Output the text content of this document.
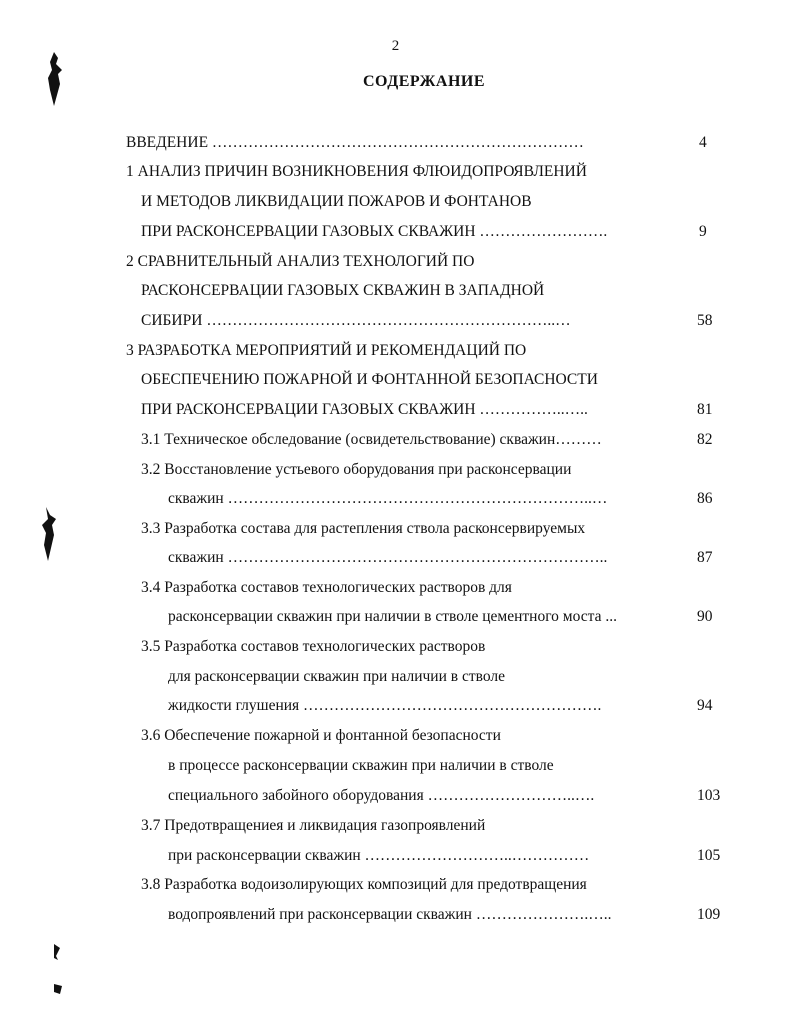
2
СОДЕРЖАНИЕ
ВВЕДЕНИЕ ………………………………………………………………	4
1 АНАЛИЗ ПРИЧИН ВОЗНИКНОВЕНИЯ ФЛЮИДОПРОЯВЛЕНИЙ
И МЕТОДОВ ЛИКВИДАЦИИ ПОЖАРОВ И ФОНТАНОВ
ПРИ РАСКОНСЕРВАЦИИ ГАЗОВЫХ СКВАЖИН …………………….	9
2 СРАВНИТЕЛЬНЫЙ АНАЛИЗ ТЕХНОЛОГИЙ ПО
РАСКОНСЕРВАЦИИ ГАЗОВЫХ СКВАЖИН В ЗАПАДНОЙ
СИБИРИ …………………………………………………………..…	58
3 РАЗРАБОТКА МЕРОПРИЯТИЙ И РЕКОМЕНДАЦИЙ ПО
ОБЕСПЕЧЕНИЮ ПОЖАРНОЙ И ФОНТАННОЙ БЕЗОПАСНОСТИ
ПРИ РАСКОНСЕРВАЦИИ ГАЗОВЫХ СКВАЖИН ……………..…..	81
3.1 Техническое обследование (освидетельствование) скважин………	82
3.2 Восстановление устьевого оборудования при расконсервации
скважин ……………………………………………………………..…	86
3.3 Разработка состава для растепления ствола расконсервируемых
скважин ………………………………………………………………..	87
3.4 Разработка составов технологических растворов для
расконсервации скважин при наличии в стволе цементного моста ...	90
3.5 Разработка составов технологических растворов
для расконсервации скважин при наличии в стволе
жидкости глушения ………………………………………………….	94
3.6 Обеспечение пожарной и фонтанной безопасности
в процессе расконсервации скважин при наличии в стволе
специального забойного оборудования ………………………..….	103
3.7 Предотвращениея и ликвидация газопроявлений
при расконсервации скважин ………………………..……………	105
3.8 Разработка водоизолирующих композиций для предотвращения
водопроявлений при расконсервации скважин ………………….…..	109
